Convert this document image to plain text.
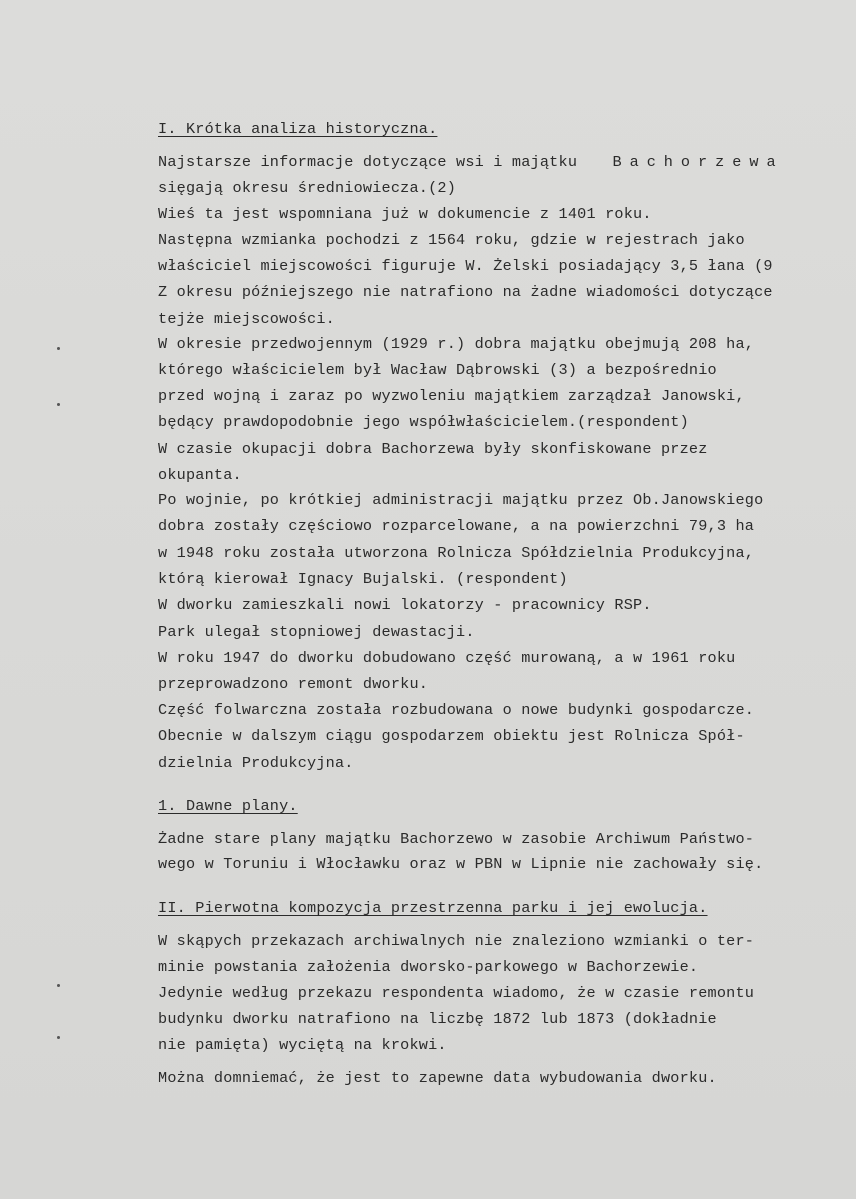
I. Krótka analiza historyczna.
Najstarsze informacje dotyczące wsi i majątku Bachorzewa
sięgają okresu średniowiecza.(2)
Wieś ta jest wspomniana już w dokumencie z 1401 roku.
Następna wzmianka pochodzi z 1564 roku, gdzie w rejestrach jako
właściciel miejscowości figuruje W. Żelski posiadający 3,5 łana (9
Z okresu późniejszego nie natrafiono na żadne wiadomości dotyczące
tejże miejscowości.
W okresie przedwojennym (1929 r.) dobra majątku obejmują 208 ha,
którego właścicielem był Wacław Dąbrowski (3) a bezpośrednio
przed wojną i zaraz po wyzwoleniu majątkiem zarządzał Janowski,
będący prawdopodobnie jego współwłaścicielem.(respondent)
W czasie okupacji dobra Bachorzewa były skonfiskowane przez
okupanta.
Po wojnie, po krótkiej administracji majątku przez Ob.Janowskiego
dobra zostały częściowo rozparcelowane, a na powierzchni 79,3 ha
w 1948 roku została utworzona Rolnicza Spółdzielnia Produkcyjna,
którą kierował Ignacy Bujalski. (respondent)
W dworku zamieszkali nowi lokatorzy - pracownicy RSP.
Park ulegał stopniowej dewastacji.
W roku 1947 do dworku dobudowano część murowaną, a w 1961 roku
przeprowadzono remont dworku.
Część folwarczna została rozbudowana o nowe budynki gospodarcze.
Obecnie w dalszym ciągu gospodarzem obiektu jest Rolnicza Spół-
dzielnia Produkcyjna.
1. Dawne plany.
Żadne stare plany majątku Bachorzewo w zasobie Archiwum Państwo-
wego w Toruniu i Włocławku oraz w PBN w Lipnie nie zachowały się.
II. Pierwotna kompozycja przestrzenna parku i jej ewolucja.
W skąpych przekazach archiwalnych nie znaleziono wzmianki o ter-
minie powstania założenia dworsko-parkowego w Bachorzewie.
Jedynie według przekazu respondenta wiadomo, że w czasie remontu
budynku dworku natrafiono na liczbę 1872 lub 1873 (dokładnie
nie pamięta) wyciętą na krokwi.
Można domniemać, że jest to zapewne data wybudowania dworku.
